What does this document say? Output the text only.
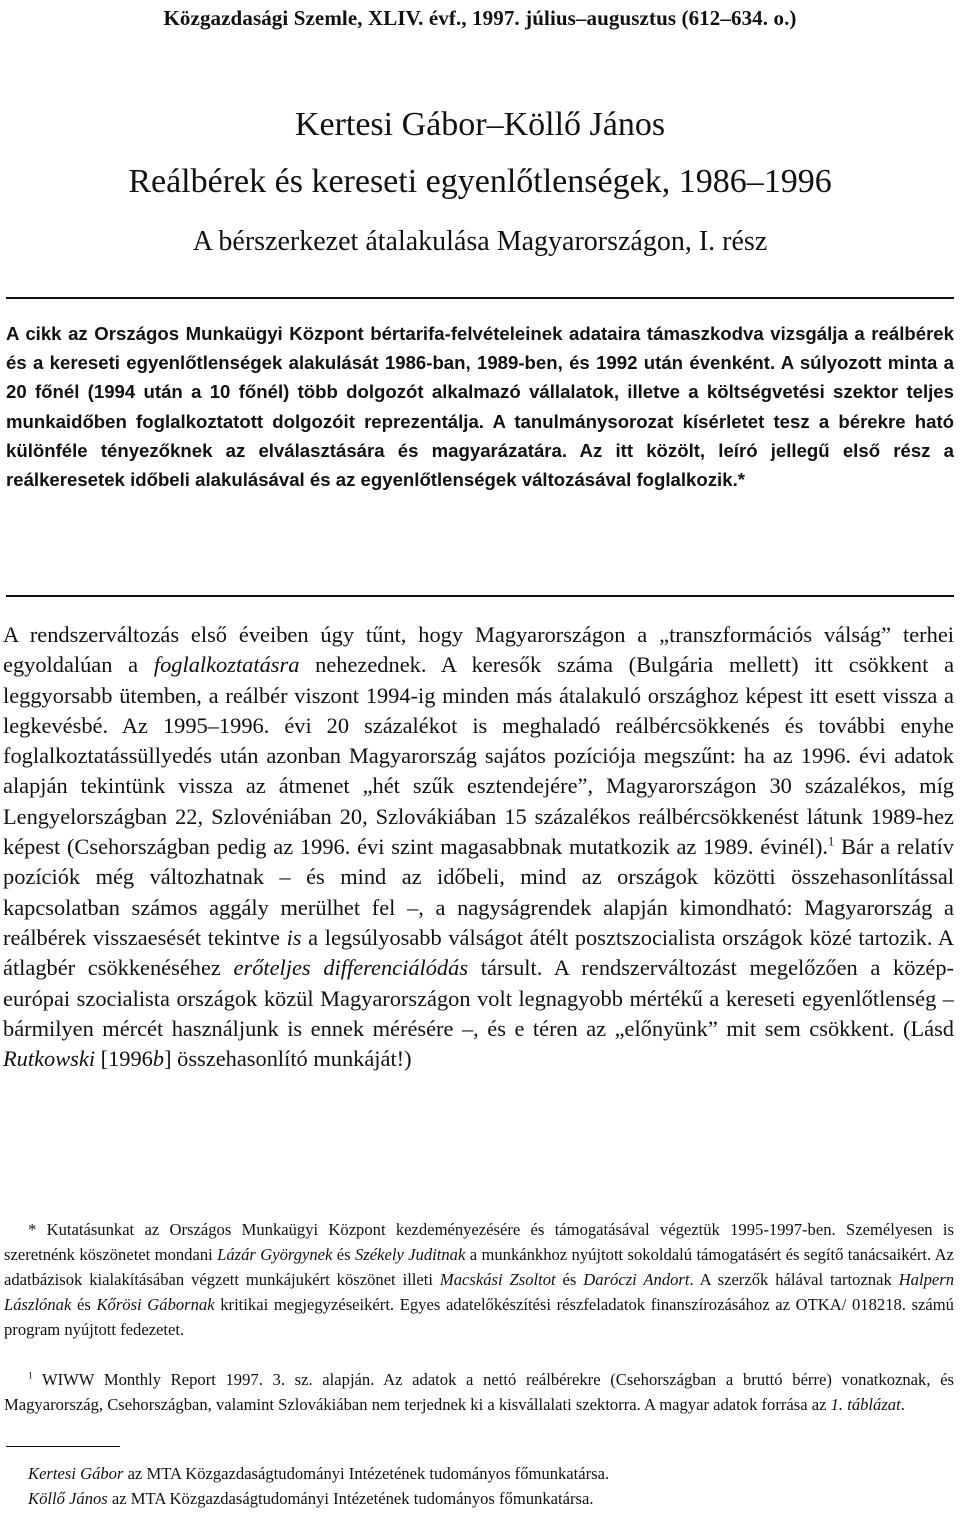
Közgazdasági Szemle, XLIV. évf., 1997. július–augusztus (612–634. o.)
Kertesi Gábor–Köllő János
Reálbérek és kereseti egyenlőtlenségek, 1986–1996
A bérszerkezet átalakulása Magyarországon, I. rész

A cikk az Országos Munkaügyi Központ bértarifa-felvételeinek adataira támaszkodva vizsgálja a reálbérek és a kereseti egyenlőtlenségek alakulását 1986-ban, 1989-ben, és 1992 után évenként. A súlyozott minta a 20 főnél (1994 után a 10 főnél) több dolgozót alkalmazó vállalatok, illetve a költségvetési szektor teljes munkaidőben foglalkoztatott dolgozóit reprezentálja. A tanulmánysorozat kísérletet tesz a bérekre ható különféle tényezőknek az elválasztására és magyarázatára. Az itt közölt, leíró jellegű első rész a reálkeresetek időbeli alakulásával és az egyenlőtlenségek változásával foglalkozik.*

A rendszerváltozás első éveiben úgy tűnt, hogy Magyarországon a „transzformációs válság” terhei egyoldalúan a foglalkoztatásra nehezednek. A keresők száma (Bulgária mellett) itt csökkent a leggyorsabb ütemben, a reálbér viszont 1994-ig minden más átalakuló országhoz képest itt esett vissza a legkevésbé. Az 1995–1996. évi 20 százalékot is meghaladó reálbércsökkenés és további enyhe foglalkoztatássüllyedés után azonban Magyarország sajátos pozíciója megszűnt: ha az 1996. évi adatok alapján tekintünk vissza az átmenet „hét szűk esztendejére”, Magyarországon 30 százalékos, míg Lengyelországban 22, Szlovéniában 20, Szlovákiában 15 százalékos reálbércsökkenést látunk 1989-hez képest (Csehországban pedig az 1996. évi szint magasabbnak mutatkozik az 1989. évinél).$^1$ Bár a relatív pozíciók még változhatnak – és mind az időbeli, mind az országok közötti összehasonlítással kapcsolatban számos aggály merülhet fel –, a nagyságrendek alapján kimondható: Magyarország a reálbérek visszaesését tekintve is a legsúlyosabb válságot átélt posztszocialista országok közé tartozik. A átlagbér csökkenéséhez erőteljes differenciálódás társult. A rendszerváltozást megelőzően a közép-európai szocialista országok közül Magyarországon volt legnagyobb mértékű a kereseti egyenlőtlenség – bármilyen mércét használjunk is ennek mérésére –, és e téren az „előnyünk” mit sem csökkent. (Lásd Rutkowski [1996b] összehasonlító munkáját!)

* Kutatásunkat az Országos Munkaügyi Központ kezdeményezésére és támogatásával végeztük 1995-1997-ben. Személyesen is szeretnénk köszönetet mondani Lázár Györgynek és Székely Juditnak a munkánkhoz nyújtott sokoldalú támogatásért és segítő tanácsaikért. Az adatbázisok kialakításában végzett munkájukért köszönet illeti Macskási Zsoltot és Daróczi Andort. A szerzők hálával tartoznak Halpern Lászlónak és Kőrösi Gábornak kritikai megjegyzéseikért. Egyes adatelőkészítési részfeladatok finanszírozásához az OTKA/ 018218. számú program nyújtott fedezetet.

$^1$ WIWW Monthly Report 1997. 3. sz. alapján. Az adatok a nettó reálbérekre (Csehországban a bruttó bérre) vonatkoznak, és Magyarország, Csehországban, valamint Szlovákiában nem terjednek ki a kisvállalati szektorra. A magyar adatok forrása az 1. táblázat.

Kertesi Gábor az MTA Közgazdaságtudományi Intézetének tudományos főmunkatársa.
Köllő János az MTA Közgazdaságtudományi Intézetének tudományos főmunkatársa.
